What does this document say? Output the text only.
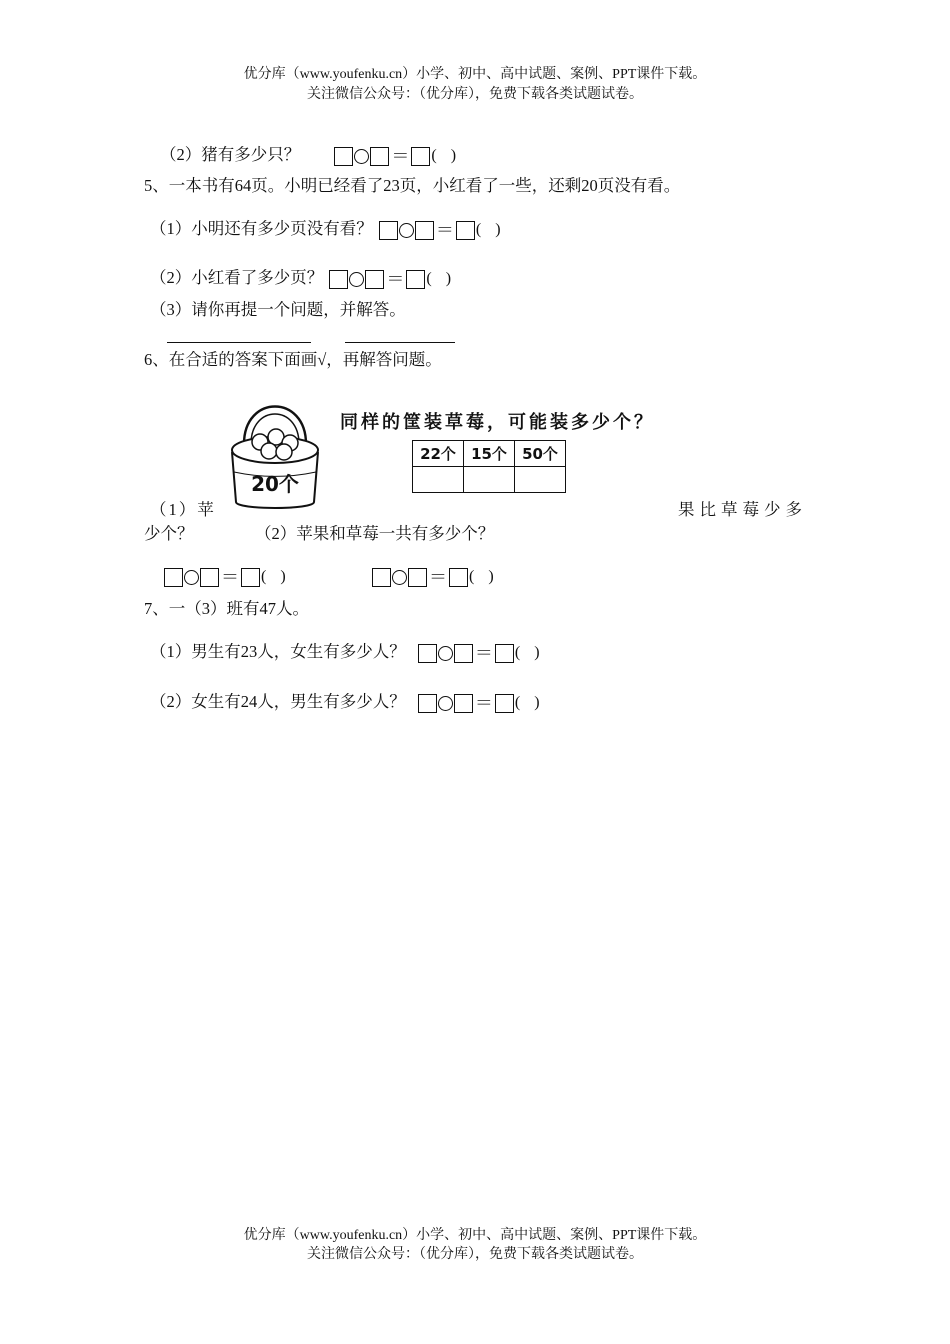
优分库（www.youfenku.cn）小学、初中、高中试题、案例、PPT课件下载。
关注微信公众号：（优分库），免费下载各类试题试卷。
（2）猪有多少只？	＝ ( )
5、一本书有64页。小明已经看了23页，小红看了一些，还剩20页没有看。
（1）小明还有多少页没有看？	＝ ( )
（2）小红看了多少页？	＝ ( )
（3）请你再提一个问题，并解答。
6、在合适的答案下面画√，再解答问题。
20个
同样的筐装草莓，可能装多少个？
22个	15个	50个

（1）苹	果比草莓少多
少个？	（2）苹果和草莓一共有多少个？
＝ ( )	＝ ( )
7、一（3）班有47人。
（1）男生有23人，女生有多少人？	＝ ( )
（2）女生有24人，男生有多少人？	＝ ( )
优分库（www.youfenku.cn）小学、初中、高中试题、案例、PPT课件下载。
关注微信公众号：（优分库），免费下载各类试题试卷。
